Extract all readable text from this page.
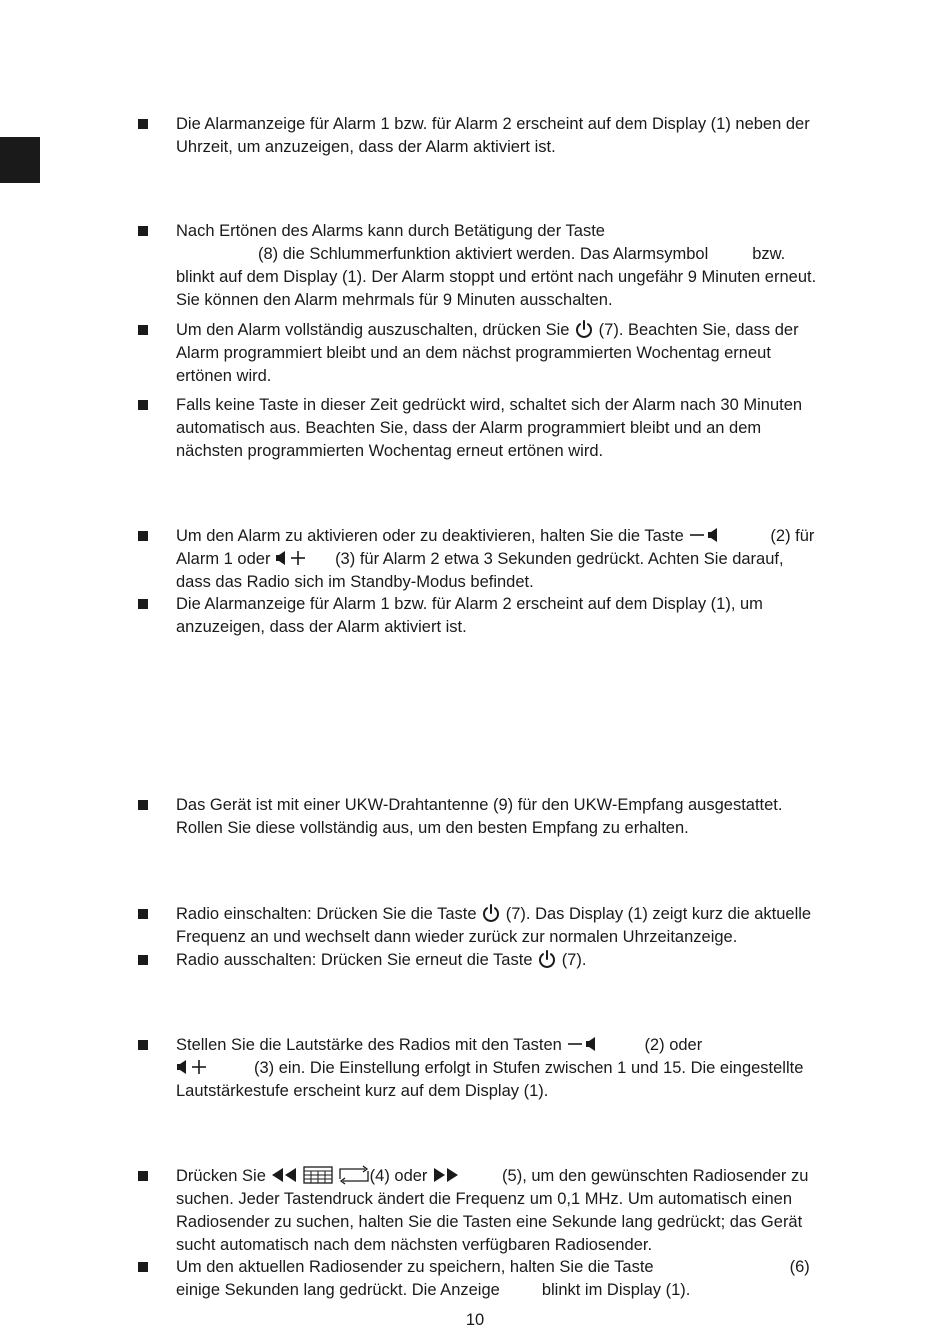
Die Alarmanzeige für Alarm 1 bzw. für Alarm 2 erscheint auf dem Display (1) neben der
Uhrzeit, um anzuzeigen, dass der Alarm aktiviert ist.
Nach Ertönen des Alarms kann durch Betätigung der Taste
(8) die Schlummerfunktion aktiviert werden. Das Alarmsymbol	bzw.
blinkt auf dem Display (1). Der Alarm stoppt und ertönt nach ungefähr 9 Minuten erneut.
Sie können den Alarm mehrmals für 9 Minuten ausschalten.
Um den Alarm vollständig auszuschalten, drücken Sie (7). Beachten Sie, dass der
Alarm programmiert bleibt und an dem nächst programmierten Wochentag erneut
ertönen wird.
Falls keine Taste in dieser Zeit gedrückt wird, schaltet sich der Alarm nach 30 Minuten
automatisch aus. Beachten Sie, dass der Alarm programmiert bleibt und an dem
nächsten programmierten Wochentag erneut ertönen wird.
Um den Alarm zu aktivieren oder zu deaktivieren, halten Sie die Taste	(2) für
Alarm 1 oder	(3) für Alarm 2 etwa 3 Sekunden gedrückt. Achten Sie darauf,
dass das Radio sich im Standby-Modus befindet.
Die Alarmanzeige für Alarm 1 bzw. für Alarm 2 erscheint auf dem Display (1), um
anzuzeigen, dass der Alarm aktiviert ist.
Das Gerät ist mit einer UKW-Drahtantenne (9) für den UKW-Empfang ausgestattet.
Rollen Sie diese vollständig aus, um den besten Empfang zu erhalten.
Radio einschalten: Drücken Sie die Taste (7). Das Display (1) zeigt kurz die aktuelle
Frequenz an und wechselt dann wieder zurück zur normalen Uhrzeitanzeige.
Radio ausschalten: Drücken Sie erneut die Taste (7).
Stellen Sie die Lautstärke des Radios mit den Tasten	(2) oder
(3) ein. Die Einstellung erfolgt in Stufen zwischen 1 und 15. Die eingestellte
Lautstärkestufe erscheint kurz auf dem Display (1).
Drücken Sie	(4) oder	(5), um den gewünschten Radiosender zu
suchen. Jeder Tastendruck ändert die Frequenz um 0,1 MHz. Um automatisch einen
Radiosender zu suchen, halten Sie die Tasten eine Sekunde lang gedrückt; das Gerät
sucht automatisch nach dem nächsten verfügbaren Radiosender.
Um den aktuellen Radiosender zu speichern, halten Sie die Taste	(6)
einige Sekunden lang gedrückt. Die Anzeige	blinkt im Display (1).
10
